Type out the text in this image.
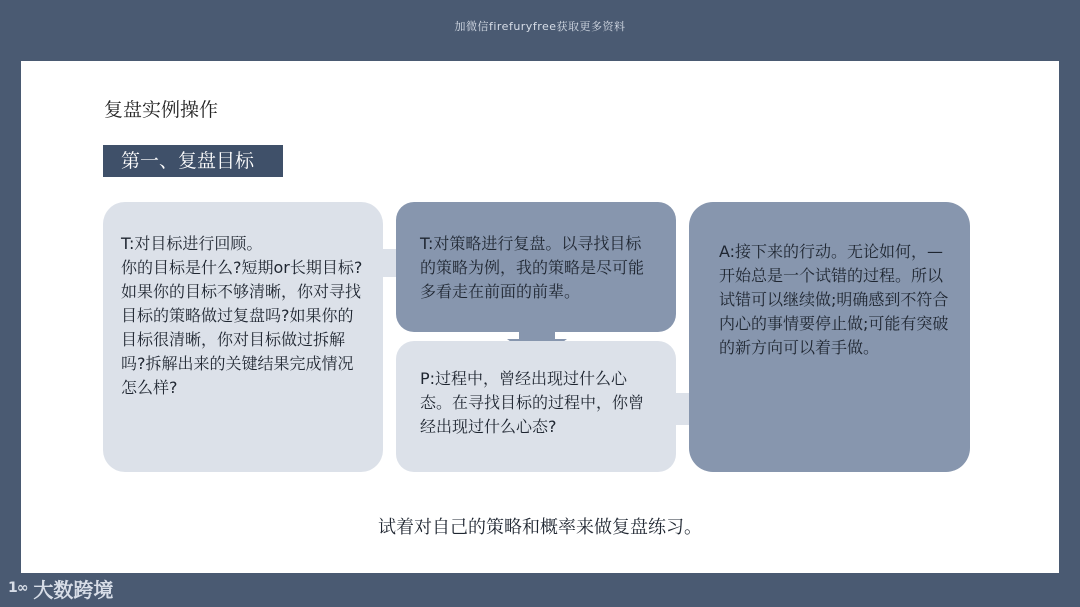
加微信firefuryfree获取更多资料
复盘实例操作
第一、复盘目标
T:对目标进行回顾。
你的目标是什么?短期or长期目标?
如果你的目标不够清晰，你对寻找目标的策略做过复盘吗?如果你的目标很清晰，你对目标做过拆解吗?拆解出来的关键结果完成情况怎么样?
T:对策略进行复盘。以寻找目标的策略为例，我的策略是尽可能多看走在前面的前辈。
P:过程中，曾经出现过什么心态。在寻找目标的过程中，你曾经出现过什么心态?
A:接下来的行动。无论如何，—开始总是一个试错的过程。所以试错可以继续做;明确感到不符合内心的事情要停止做;可能有突破的新方向可以着手做。
试着对自己的策略和概率来做复盘练习。
1∞ 大数跨境
